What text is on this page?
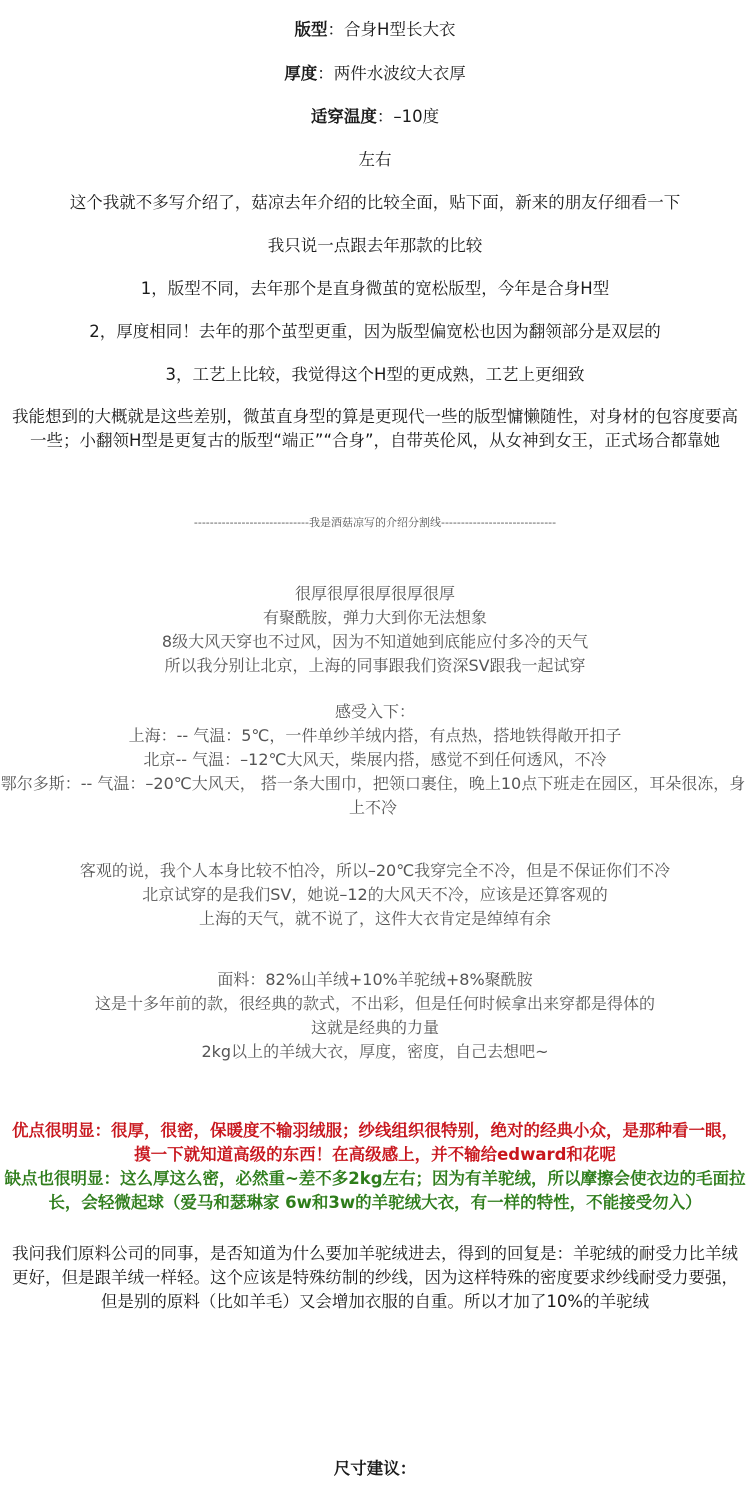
版型：合身H型长大衣

厚度：两件水波纹大衣厚

适穿温度：–10度

左右

这个我就不多写介绍了，菇凉去年介绍的比较全面，贴下面，新来的朋友仔细看一下

我只说一点跟去年那款的比较

1，版型不同，去年那个是直身微茧的宽松版型，今年是合身H型

2，厚度相同！去年的那个茧型更重，因为版型偏宽松也因为翻领部分是双层的

3，工艺上比较，我觉得这个H型的更成熟，工艺上更细致

我能想到的大概就是这些差别，微茧直身型的算是更现代一些的版型慵懒随性，对身材的包容度要高一些；小翻领H型是更复古的版型“端正”“合身”，自带英伦风，从女神到女王，正式场合都靠她

-----------------------------我是酒菇凉写的介绍分割线-----------------------------

很厚很厚很厚很厚很厚
有聚酰胺，弹力大到你无法想象
8级大风天穿也不过风，因为不知道她到底能应付多冷的天气
所以我分别让北京，上海的同事跟我们资深SV跟我一起试穿
感受入下：
上海：-- 气温：5℃，一件单纱羊绒内搭，有点热，搭地铁得敞开扣子
北京-- 气温：–12℃大风天，柴展内搭，感觉不到任何透风，不冷
鄂尔多斯：-- 气温：–20℃大风天， 搭一条大围巾，把领口裹住，晚上10点下班走在园区，耳朵很冻，身上不冷
客观的说，我个人本身比较不怕冷，所以–20℃我穿完全不冷，但是不保证你们不冷
北京试穿的是我们SV，她说–12的大风天不冷，应该是还算客观的
上海的天气，就不说了，这件大衣肯定是绰绰有余
面料：82%山羊绒+10%羊驼绒+8%聚酰胺
这是十多年前的款，很经典的款式，不出彩，但是任何时候拿出来穿都是得体的
这就是经典的力量
2kg以上的羊绒大衣，厚度，密度，自己去想吧~

优点很明显：很厚，很密，保暖度不输羽绒服；纱线组织很特别，绝对的经典小众，是那种看一眼，摸一下就知道高级的东西！在高级感上，并不输给edward和花呢

缺点也很明显：这么厚这么密，必然重~差不多2kg左右；因为有羊驼绒，所以摩擦会使衣边的毛面拉长，会轻微起球（爱马和瑟琳家 6w和3w的羊驼绒大衣，有一样的特性，不能接受勿入）

我问我们原料公司的同事，是否知道为什么要加羊驼绒进去，得到的回复是：羊驼绒的耐受力比羊绒更好，但是跟羊绒一样轻。这个应该是特殊纺制的纱线，因为这样特殊的密度要求纱线耐受力要强，但是别的原料（比如羊毛）又会增加衣服的自重。所以才加了10%的羊驼绒

尺寸建议：
